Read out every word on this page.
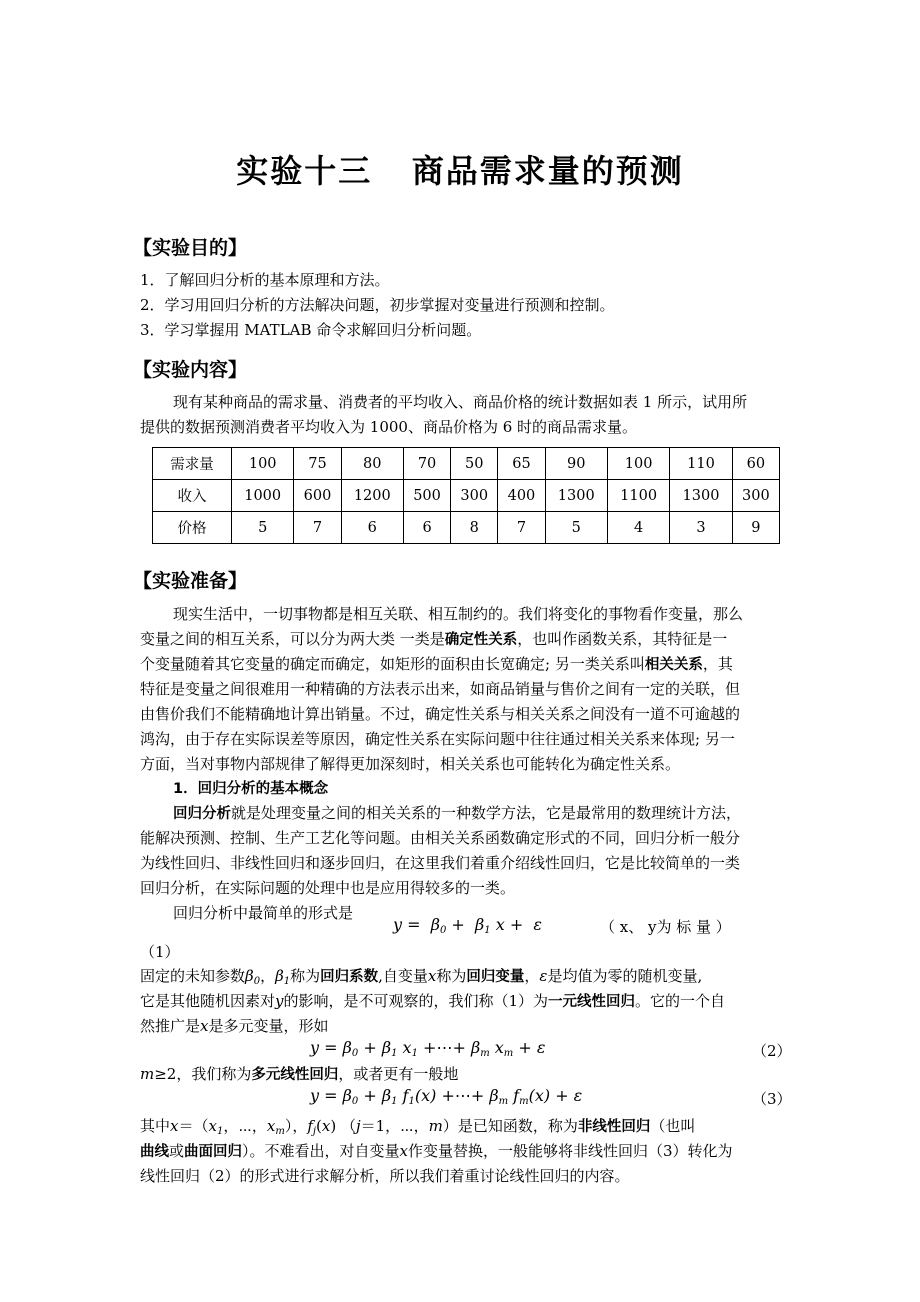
实验十三   商品需求量的预测
【实验目的】
1．了解回归分析的基本原理和方法。
2．学习用回归分析的方法解决问题，初步掌握对变量进行预测和控制。
3．学习掌握用 MATLAB 命令求解回归分析问题。
【实验内容】
现有某种商品的需求量、消费者的平均收入、商品价格的统计数据如表 1 所示，试用所
提供的数据预测消费者平均收入为 1000、商品价格为 6 时的商品需求量。
需求量	100	75	80	70	50	65	90	100	110	60
收入	1000	600	1200	500	300	400	1300	1100	1300	300
价格	5	7	6	6	8	7	5	4	3	9
【实验准备】
现实生活中，一切事物都是相互关联、相互制约的。我们将变化的事物看作变量，那么
变量之间的相互关系，可以分为两大类 一类是确定性关系，也叫作函数关系，其特征是一
个变量随着其它变量的确定而确定，如矩形的面积由长宽确定; 另一类关系叫相关关系，其
特征是变量之间很难用一种精确的方法表示出来，如商品销量与售价之间有一定的关联，但
由售价我们不能精确地计算出销量。不过，确定性关系与相关关系之间没有一道不可逾越的
鸿沟，由于存在实际误差等原因，确定性关系在实际问题中往往通过相关关系来体现; 另一
方面，当对事物内部规律了解得更加深刻时，相关关系也可能转化为确定性关系。
1．回归分析的基本概念
回归分析就是处理变量之间的相关关系的一种数学方法，它是最常用的数理统计方法，
能解决预测、控制、生产工艺化等问题。由相关关系函数确定形式的不同，回归分析一般分
为线性回归、非线性回归和逐步回归，在这里我们着重介绍线性回归，它是比较简单的一类
回归分析，在实际问题的处理中也是应用得较多的一类。
回归分析中最简单的形式是
$y = \beta_0 + \beta_1$ x +  ε	（ x、 y为 标 量 ）
（1）
固定的未知参数$\beta_0$，$\beta_1$称为回归系数,自变量x称为回归变量，ε是均值为零的随机变量,
它是其他随机因素对y的影响，是不可观察的，我们称（1）为一元线性回归。它的一个自
然推广是x是多元变量，形如
$y = \beta_0 + \beta_1$ $x_1$ +⋯+ $\beta_m$ $x_m + \varepsilon$	（2）
m≥2，我们称为多元线性回归，或者更有一般地
$y = \beta_0 + \beta_1$ $f_1(x)$ +⋯+ $\beta_m$ $f_m(x) + \varepsilon$	（3）
其中$x=(x_1$，⋯，$x_m$），$f_j(x)$ （j＝1，⋯，m）是已知函数，称为非线性回归（也叫
曲线或曲面回归）。不难看出，对自变量x作变量替换，一般能够将非线性回归（3）转化为
线性回归（2）的形式进行求解分析，所以我们着重讨论线性回归的内容。
